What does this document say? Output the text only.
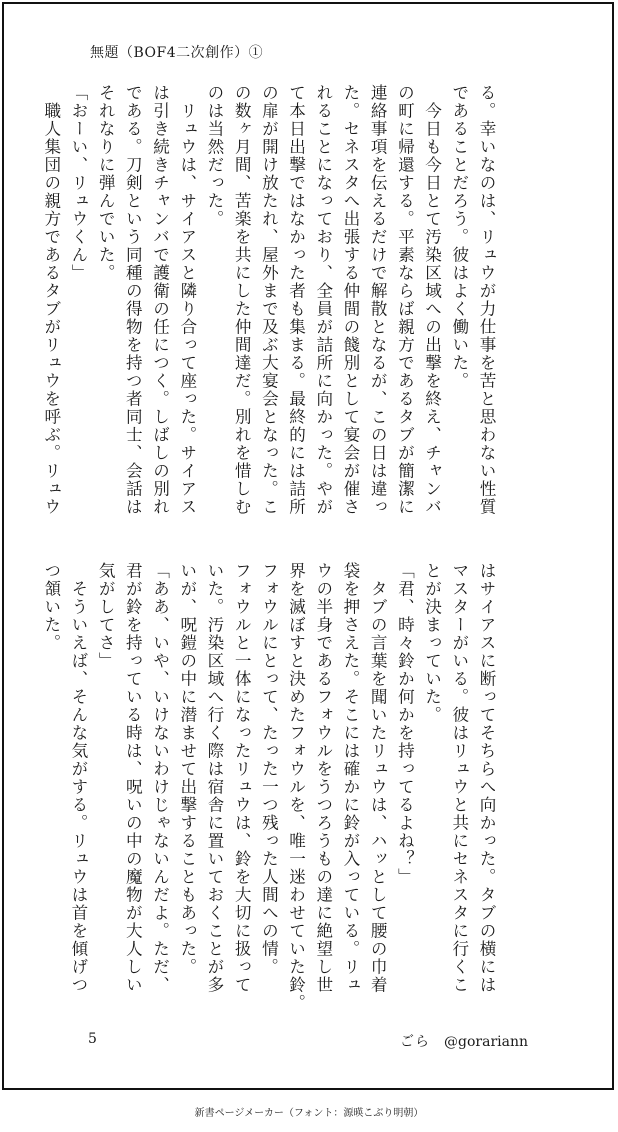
無題（BOF4二次創作）①
る。幸いなのは、リュウが力仕事を苦と思わない性質
であることだろう。彼はよく働いた。
　今日も今日とて汚染区域への出撃を終え、チャンバ
の町に帰還する。平素ならば親方であるタブが簡潔に
連絡事項を伝えるだけで解散となるが、この日は違っ
た。セネスタへ出張する仲間の餞別として宴会が催さ
れることになっており、全員が詰所に向かった。やが
て本日出撃ではなかった者も集まる。最終的には詰所
の扉が開け放たれ、屋外まで及ぶ大宴会となった。こ
の数ヶ月間、苦楽を共にした仲間達だ。別れを惜しむ
のは当然だった。
　リュウは、サイアスと隣り合って座った。サイアス
は引き続きチャンバで護衛の任につく。しばしの別れ
である。刀剣という同種の得物を持つ者同士、会話は
それなりに弾んでいた。
「おーい、リュウくん」
　職人集団の親方であるタブがリュウを呼ぶ。リュウ
はサイアスに断ってそちらへ向かった。タブの横には
マスターがいる。彼はリュウと共にセネスタに行くこ
とが決まっていた。
「君、時々鈴か何かを持ってるよね？」
　タブの言葉を聞いたリュウは、ハッとして腰の巾着
袋を押さえた。そこには確かに鈴が入っている。リュ
ウの半身であるフォウルをうつろうもの達に絶望し世
界を滅ぼすと決めたフォウルを、唯一迷わせていた鈴。
フォウルにとって、たった一つ残った人間への情。
フォウルと一体になったリュウは、鈴を大切に扱って
いた。汚染区域へ行く際は宿舎に置いておくことが多
いが、呪鎧の中に潜ませて出撃することもあった。
「ああ、いや、いけないわけじゃないんだよ。ただ、
君が鈴を持っている時は、呪いの中の魔物が大人しい
気がしてさ」
　そういえば、そんな気がする。リュウは首を傾げつ
つ頷いた。
5	ごら @gorariann
新書ページメーカー（フォント：源暎こぶり明朝）
